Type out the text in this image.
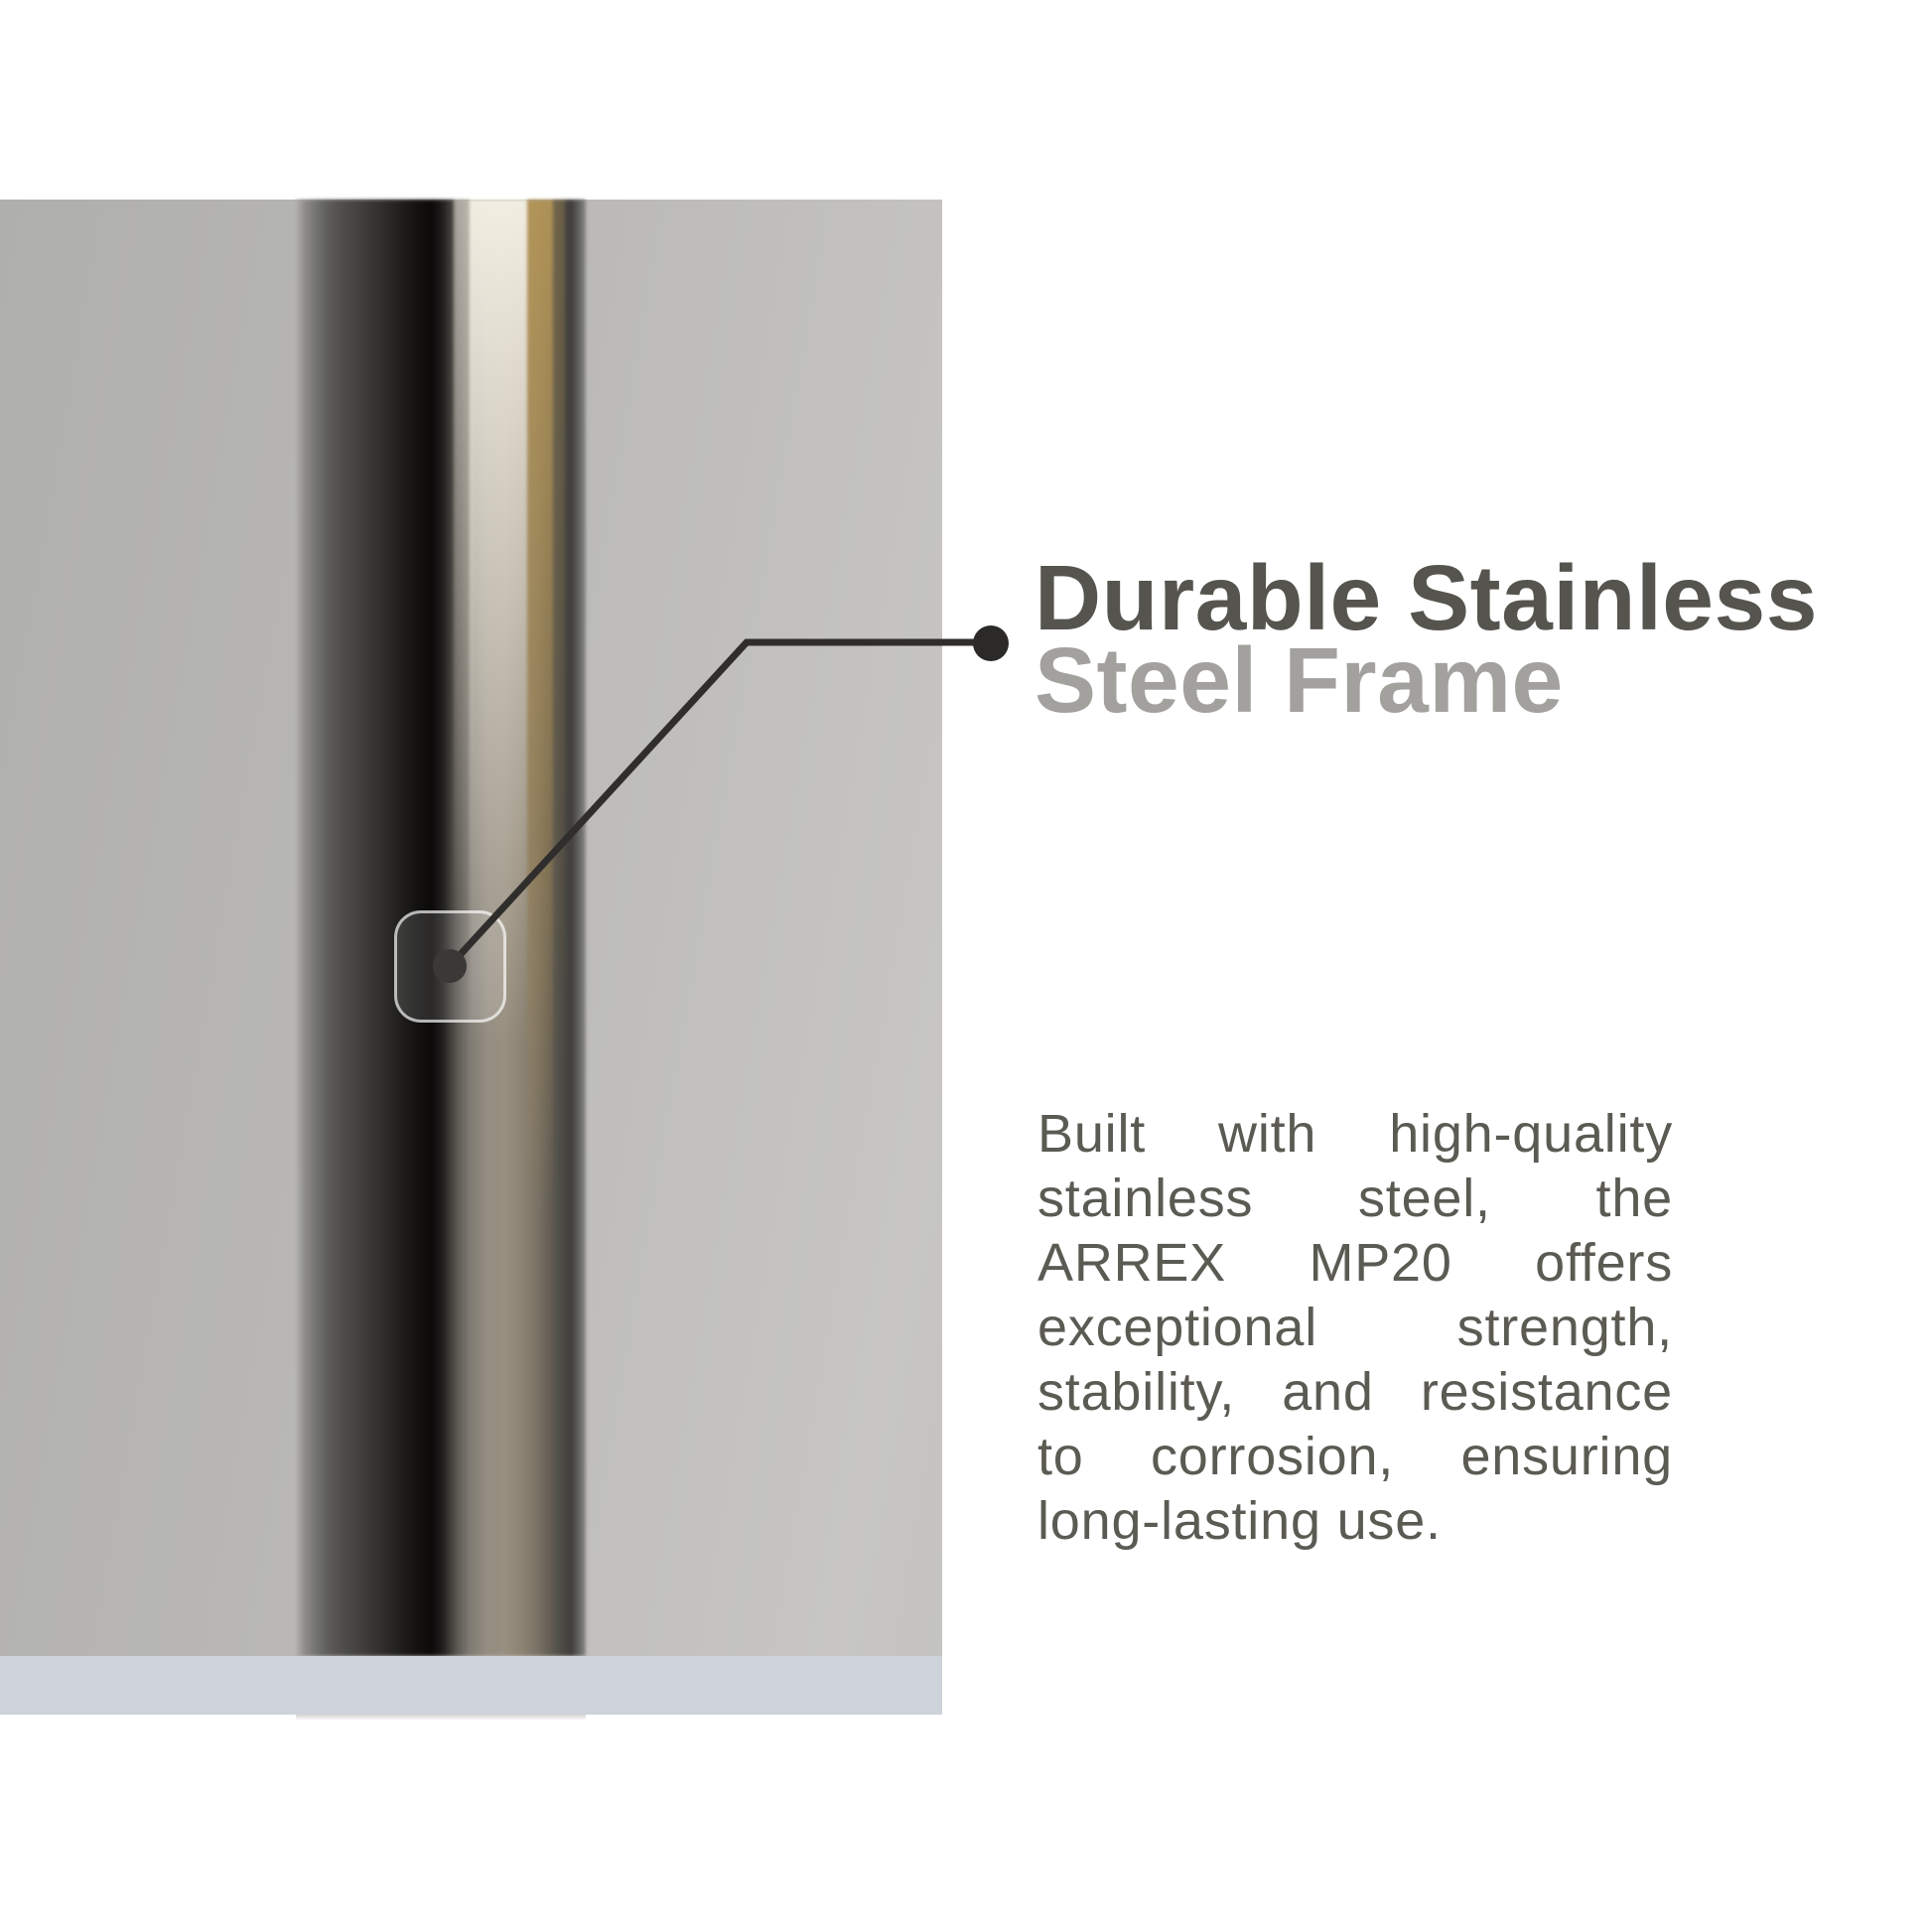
Durable Stainless
Steel Frame
Built with high-quality
stainless steel, the
ARREX MP20 offers
exceptional strength,
stability, and resistance
to corrosion, ensuring
long-lasting use.
